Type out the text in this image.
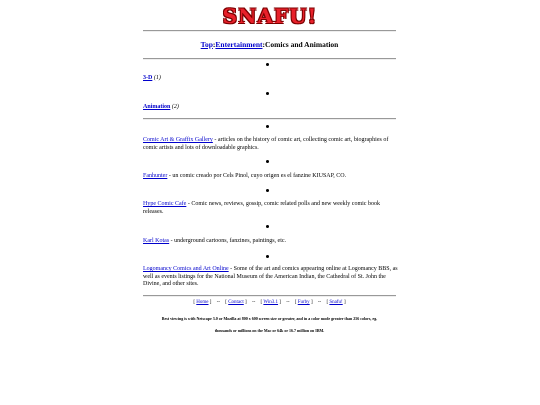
SNAFU!
Top:Entertainment:Comics and Animation
3-D (1)
Animation (2)
Comic Art & Graffix Gallery - articles on the history of comic art, collecting comic art, biographies of comic artists and lots of downloadable graphics.
Fanhunter - un comic creado por Cels Pinol, cuyo origen es el fanzine KIUSAP, CO.
Hype Comic Cafe - Comic news, reviews, gossip, comic related polls and new weekly comic book releases.
Karl Kotas - underground cartoons, fanzines, paintings, etc.
Logomancy Comics and Art Online - Some of the art and comics appearing online at Logomancy BBS, as well as events listings for the National Museum of the American Indian, the Cathedral of St. John the Divine, and other sites.
[ Home ] -- [ Contact ] -- [ Win3.1 ] -- [ Furby ] -- [ Snafu! ]
Best viewing is with Netscape 3.0 or Mozilla at 800 x 600 screen size or greater, and in a color mode greater than 256 colors, eg.
thousands or millions on the Mac or 64k or 16.7 million on IBM.
